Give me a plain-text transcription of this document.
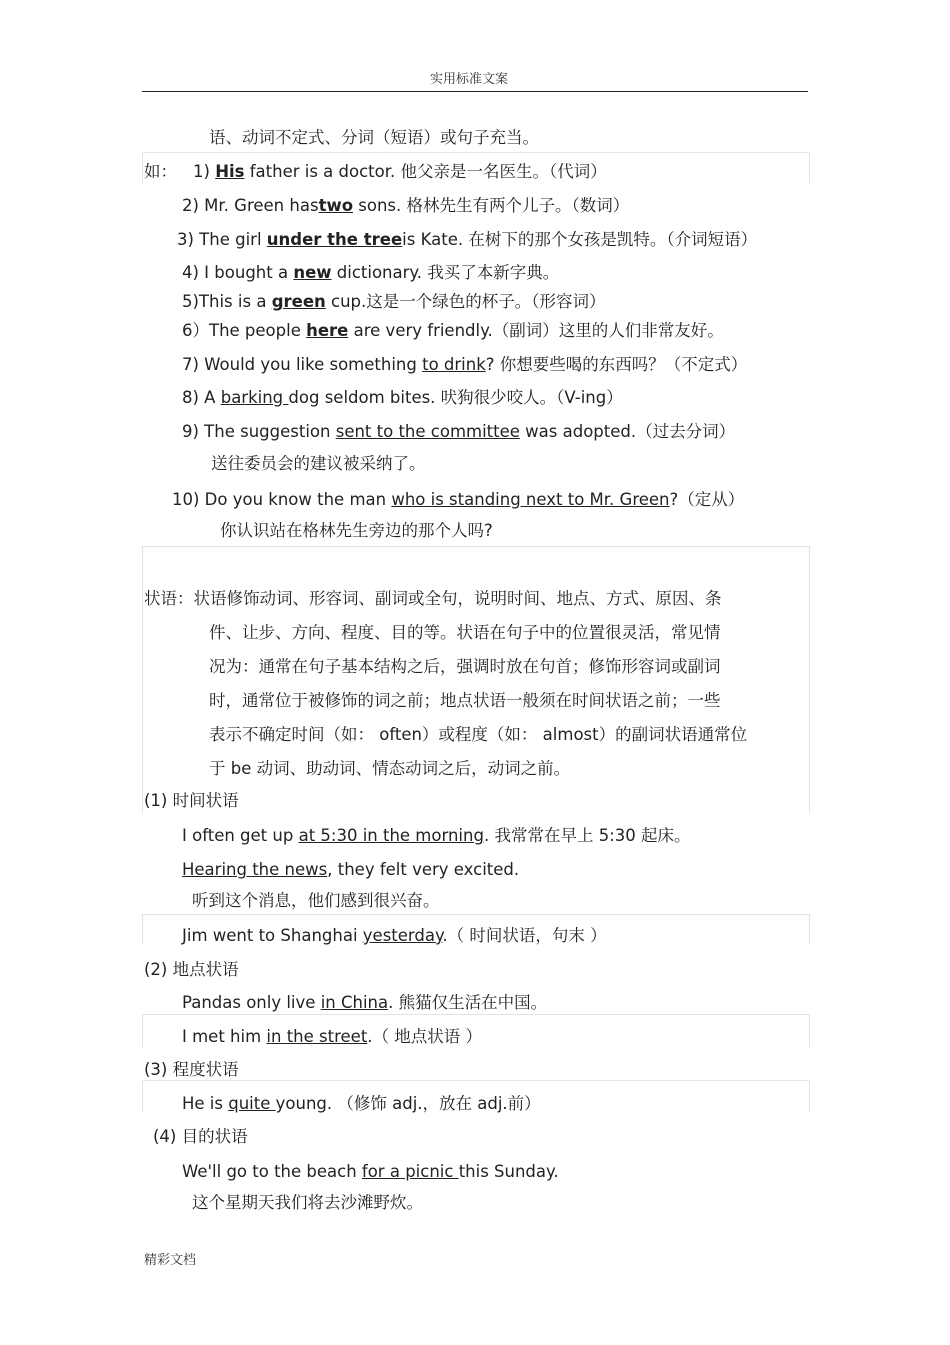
实用标准文案
语、动词不定式、分词（短语）或句子充当。
如： 1) His father is a doctor. 他父亲是一名医生。（代词）
2) Mr. Green hastwo sons. 格林先生有两个儿子。（数词）
3) The girl under the treeis Kate. 在树下的那个女孩是凯特。（介词短语）
4) I bought a new dictionary. 我买了本新字典。
5)This is a green cup.这是一个绿色的杯子。（形容词）
6）The people here are very friendly.（副词）这里的人们非常友好。
7) Would you like something to drink? 你想要些喝的东西吗？（不定式）
8) A barking dog seldom bites. 吠狗很少咬人。（V-ing）
9) The suggestion sent to the committee was adopted.（过去分词）
送往委员会的建议被采纳了。
10) Do you know the man who is standing next to Mr. Green?（定从）
你认识站在格林先生旁边的那个人吗?
状语：状语修饰动词、形容词、副词或全句，说明时间、地点、方式、原因、条
件、让步、方向、程度、目的等。状语在句子中的位置很灵活，常见情
况为：通常在句子基本结构之后，强调时放在句首；修饰形容词或副词
时，通常位于被修饰的词之前；地点状语一般须在时间状语之前；一些
表示不确定时间（如： often）或程度（如： almost）的副词状语通常位
于 be 动词、助动词、情态动词之后，动词之前。
(1) 时间状语
I often get up at 5:30 in the morning. 我常常在早上 5:30 起床。
Hearing the news, they felt very excited.
听到这个消息，他们感到很兴奋。
Jim went to Shanghai yesterday.（ 时间状语，句末 ）
(2) 地点状语
Pandas only live in China. 熊猫仅生活在中国。
I met him in the street.（ 地点状语 ）
(3) 程度状语
He is quite young. （修饰 adj.，放在 adj.前）
(4) 目的状语
We'll go to the beach for a picnic this Sunday.
这个星期天我们将去沙滩野炊。
精彩文档
